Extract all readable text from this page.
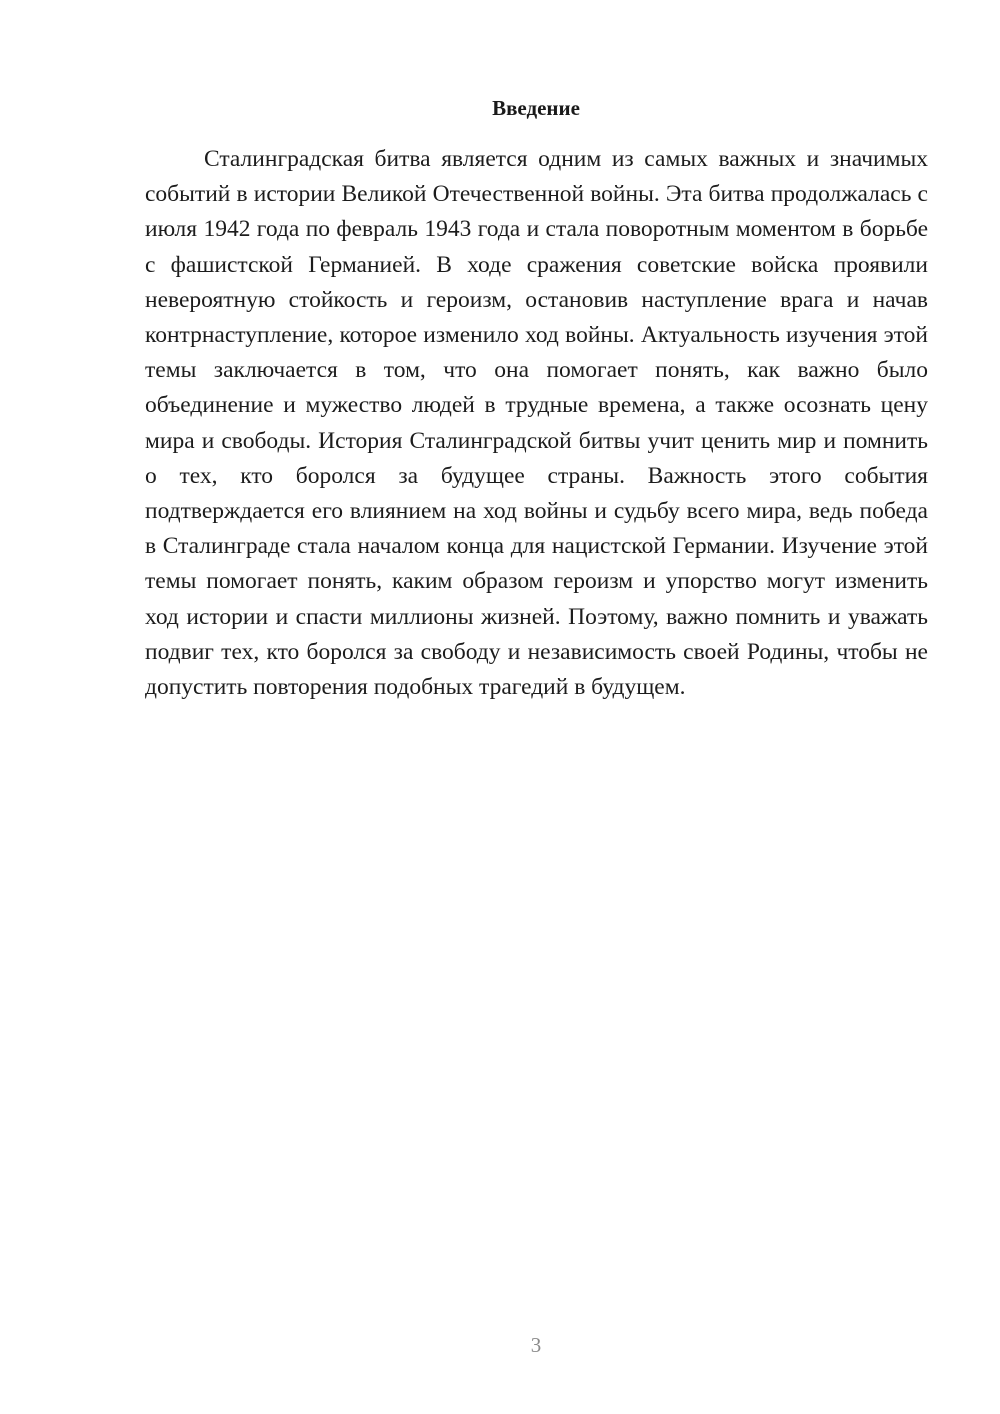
Введение

Сталинградская битва является одним из самых важных и значимых событий в истории Великой Отечественной войны. Эта битва продолжалась с июля 1942 года по февраль 1943 года и стала поворотным моментом в борьбе с фашистской Германией. В ходе сражения советские войска проявили невероятную стойкость и героизм, остановив наступление врага и начав контрнаступление, которое изменило ход войны. Актуальность изучения этой темы заключается в том, что она помогает понять, как важно было объединение и мужество людей в трудные времена, а также осознать цену мира и свободы. История Сталинградской битвы учит ценить мир и помнить о тех, кто боролся за будущее страны. Важность этого события подтверждается его влиянием на ход войны и судьбу всего мира, ведь победа в Сталинграде стала началом конца для нацистской Германии. Изучение этой темы помогает понять, каким образом героизм и упорство могут изменить ход истории и спасти миллионы жизней. Поэтому, важно помнить и уважать подвиг тех, кто боролся за свободу и независимость своей Родины, чтобы не допустить повторения подобных трагедий в будущем.

3
